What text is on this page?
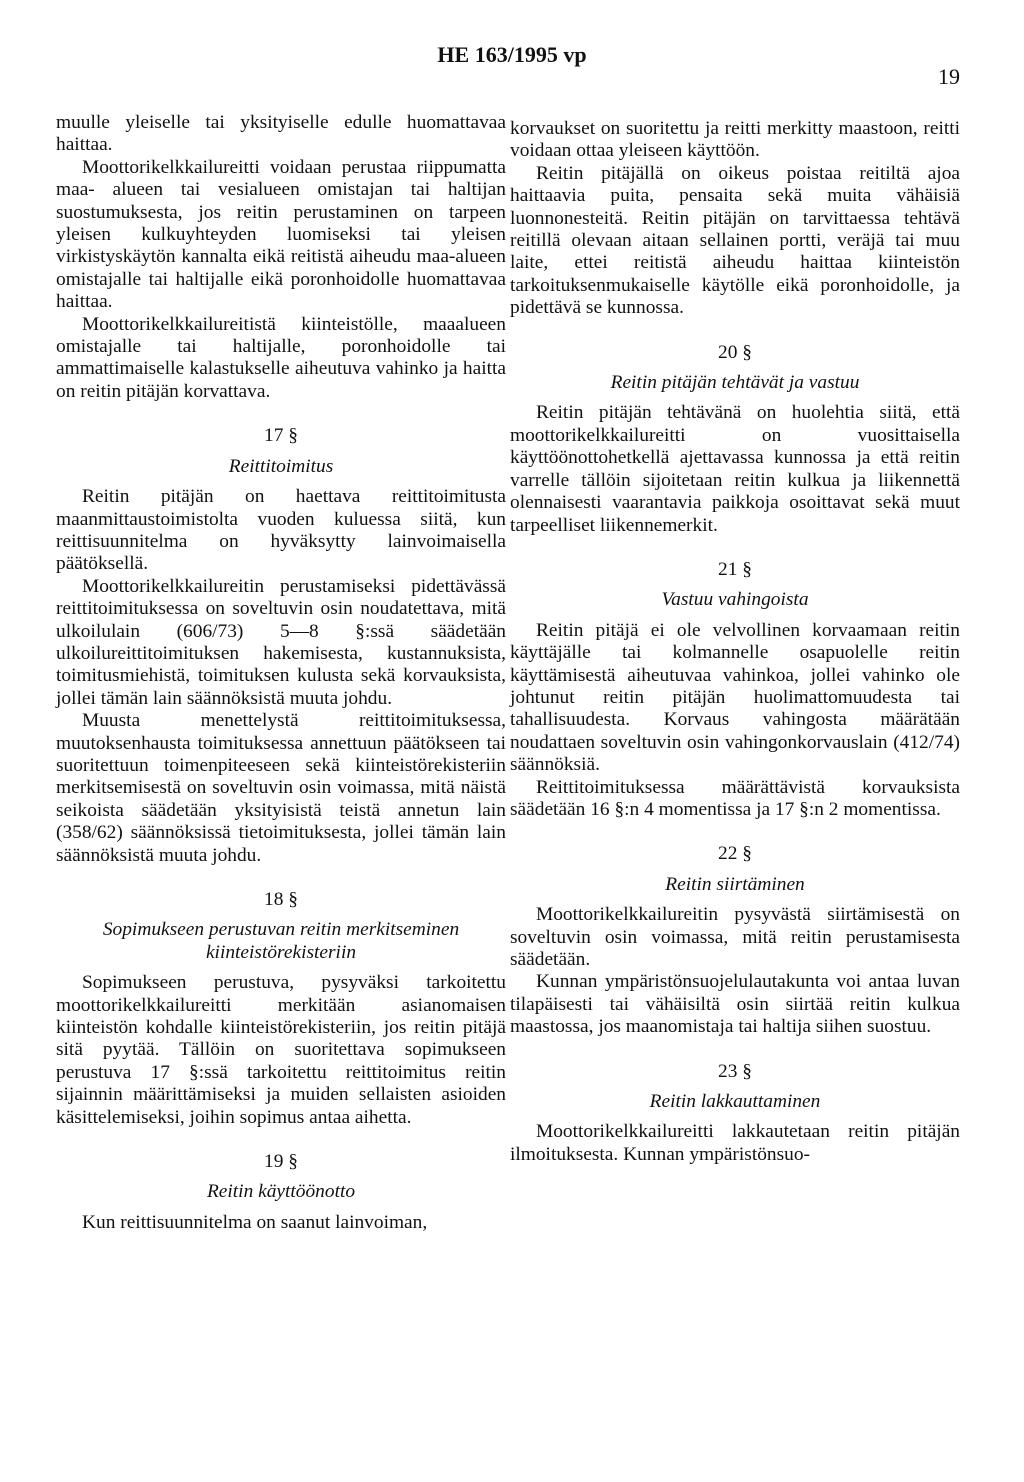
HE 163/1995 vp
19

muulle yleiselle tai yksityiselle edulle huomattavaa haittaa.

Moottorikelkkailureitti voidaan perustaa riippumatta maa- alueen tai vesialueen omistajan tai haltijan suostumuksesta, jos reitin perustaminen on tarpeen yleisen kulkuyhteyden luomiseksi tai yleisen virkistyskäytön kannalta eikä reitistä aiheudu maa-alueen omistajalle tai haltijalle eikä poronhoidolle huomattavaa haittaa.

Moottorikelkkailureitistä kiinteistölle, maaalueen omistajalle tai haltijalle, poronhoidolle tai ammattimaiselle kalastukselle aiheutuva vahinko ja haitta on reitin pitäjän korvattava.

17 §
Reittitoimitus

Reitin pitäjän on haettava reittitoimitusta maanmittaustoimistolta vuoden kuluessa siitä, kun reittisuunnitelma on hyväksytty lainvoimaisella päätöksellä.

Moottorikelkkailureitin perustamiseksi pidettävässä reittitoimituksessa on soveltuvin osin noudatettava, mitä ulkoilulain (606/73) 5—8 §:ssä säädetään ulkoilureittitoimituksen hakemisesta, kustannuksista, toimitusmiehistä, toimituksen kulusta sekä korvauksista, jollei tämän lain säännöksistä muuta johdu.

Muusta menettelystä reittitoimituksessa, muutoksenhausta toimituksessa annettuun päätökseen tai suoritettuun toimenpiteeseen sekä kiinteistörekisteriin merkitsemisestä on soveltuvin osin voimassa, mitä näistä seikoista säädetään yksityisistä teistä annetun lain (358/62) säännöksissä tietoimituksesta, jollei tämän lain säännöksistä muuta johdu.

18 §
Sopimukseen perustuvan reitin merkitseminen kiinteistörekisteriin

Sopimukseen perustuva, pysyväksi tarkoitettu moottorikelkkailureitti merkitään asianomaisen kiinteistön kohdalle kiinteistörekisteriin, jos reitin pitäjä sitä pyytää. Tällöin on suoritettava sopimukseen perustuva 17 §:ssä tarkoitettu reittitoimitus reitin sijainnin määrittämiseksi ja muiden sellaisten asioiden käsittelemiseksi, joihin sopimus antaa aihetta.

19 §
Reitin käyttöönotto

Kun reittisuunnitelma on saanut lainvoiman,

korvaukset on suoritettu ja reitti merkitty maastoon, reitti voidaan ottaa yleiseen käyttöön.

Reitin pitäjällä on oikeus poistaa reitiltä ajoa haittaavia puita, pensaita sekä muita vähäisiä luonnonesteitä. Reitin pitäjän on tarvittaessa tehtävä reitillä olevaan aitaan sellainen portti, veräjä tai muu laite, ettei reitistä aiheudu haittaa kiinteistön tarkoituksenmukaiselle käytölle eikä poronhoidolle, ja pidettävä se kunnossa.

20 §
Reitin pitäjän tehtävät ja vastuu

Reitin pitäjän tehtävänä on huolehtia siitä, että moottorikelkkailureitti on vuosittaisella käyttöönottohetkellä ajettavassa kunnossa ja että reitin varrelle tällöin sijoitetaan reitin kulkua ja liikennettä olennaisesti vaarantavia paikkoja osoittavat sekä muut tarpeelliset liikennemerkit.

21 §
Vastuu vahingoista

Reitin pitäjä ei ole velvollinen korvaamaan reitin käyttäjälle tai kolmannelle osapuolelle reitin käyttämisestä aiheutuvaa vahinkoa, jollei vahinko ole johtunut reitin pitäjän huolimattomuudesta tai tahallisuudesta. Korvaus vahingosta määrätään noudattaen soveltuvin osin vahingonkorvauslain (412/74) säännöksiä.

Reittitoimituksessa määrättävistä korvauksista säädetään 16 §:n 4 momentissa ja 17 §:n 2 momentissa.

22 §
Reitin siirtäminen

Moottorikelkkailureitin pysyvästä siirtämisestä on soveltuvin osin voimassa, mitä reitin perustamisesta säädetään.

Kunnan ympäristönsuojelulautakunta voi antaa luvan tilapäisesti tai vähäisiltä osin siirtää reitin kulkua maastossa, jos maanomistaja tai haltija siihen suostuu.

23 §
Reitin lakkauttaminen

Moottorikelkkailureitti lakkautetaan reitin pitäjän ilmoituksesta. Kunnan ympäristönsuo-
